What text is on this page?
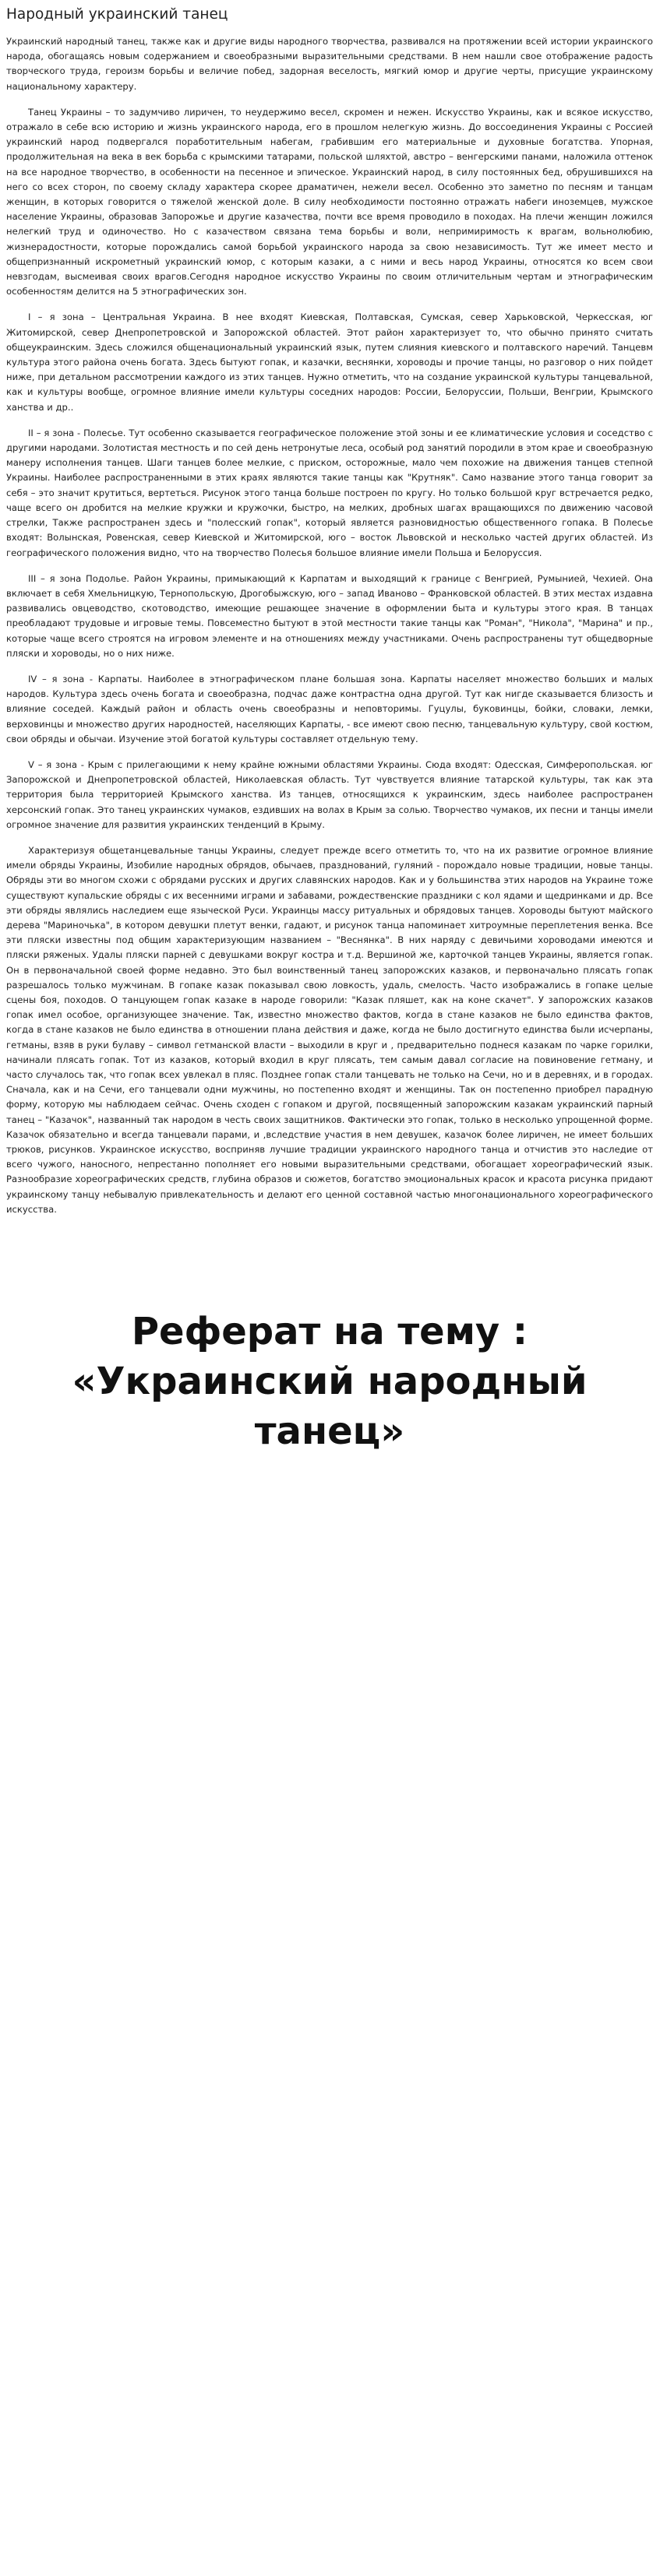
Народный украинский танец

Украинский народный танец, также как и другие виды народного творчества, развивался на протяжении всей истории украинского народа, обогащаясь новым содержанием и своеобразными выразительными средствами. В нем нашли свое отображение радость творческого труда, героизм борьбы и величие побед, задорная веселость, мягкий юмор и другие черты, присущие украинскому национальному характеру.

Танец Украины – то задумчиво лиричен, то неудержимо весел, скромен и нежен. Искусство Украины, как и всякое искусство, отражало в себе всю историю и жизнь украинского народа, его в прошлом нелегкую жизнь. До воссоединения Украины с Россией украинский народ подвергался поработительным набегам, грабившим его материальные и духовные богатства. Упорная, продолжительная на века в век борьба с крымскими татарами, польской шляхтой, австро – венгерскими панами, наложила оттенок на все народное творчество, в особенности на песенное и эпическое. Украинский народ, в силу постоянных бед, обрушившихся на него со всех сторон, по своему складу характера скорее драматичен, нежели весел. Особенно это заметно по песням и танцам женщин, в которых говорится о тяжелой женской доле. В силу необходимости постоянно отражать набеги иноземцев, мужское население Украины, образовав Запорожье и другие казачества, почти все время проводило в походах. На плечи женщин ложился нелегкий труд и одиночество. Но с казачеством связана тема борьбы и воли, непримиримость к врагам, вольнолюбию, жизнерадостности, которые порождались самой борьбой украинского народа за свою независимость. Тут же имеет место и общепризнанный искрометный украинский юмор, с которым казаки, а с ними и весь народ Украины, относятся ко всем свои невзгодам, высмеивая своих врагов.Сегодня народное искусство Украины по своим отличительным чертам и этнографическим особенностям делится на 5 этнографических зон.

I – я зона – Центральная Украина. В нее входят Киевская, Полтавская, Сумская, север Харьковской, Черкесская, юг Житомирской, север Днепропетровской и Запорожской областей. Этот район характеризует то, что обычно принято считать общеукраинским. Здесь сложился общенациональный украинский язык, путем слияния киевского и полтавского наречий. Танцевм культура этого района очень богата. Здесь бытуют гопак, и казачки, веснянки, хороводы и прочие танцы, но разговор о них пойдет ниже, при детальном рассмотрении каждого из этих танцев. Нужно отметить, что на создание украинской культуры танцевальной, как и культуры вообще, огромное влияние имели культуры соседних народов: России, Белоруссии, Польши, Венгрии, Крымского ханства и др..

II – я зона - Полесье. Тут особенно сказывается географическое положение этой зоны и ее климатические условия и соседство с другими народами. Золотистая местность и по сей день нетронутые леса, особый род занятий породили в этом крае и своеобразную манеру исполнения танцев. Шаги танцев более мелкие, с приском, осторожные, мало чем похожие на движения танцев степной Украины. Наиболее распространенными в этих краях являются такие танцы как "Крутняк". Само название этого танца говорит за себя – это значит крутиться, вертеться. Рисунок этого танца больше построен по кругу. Но только большой круг встречается редко, чаще всего он дробится на мелкие кружки и кружочки, быстро, на мелких, дробных шагах вращающихся по движению часовой стрелки, Также распространен здесь и "полесский гопак", который является разновидностью общественного гопака. В Полесье входят: Волынская, Ровенская, север Киевской и Житомирской, юго – восток Львовской и несколько частей других областей. Из географического положения видно, что на творчество Полесья большое влияние имели Польша и Белоруссия.

III – я зона Подолье. Район Украины, примыкающий к Карпатам и выходящий к границе с Венгрией, Румынией, Чехией. Она включает в себя Хмельницкую, Тернопольскую, Дрогобыжскую, юго – запад Ивановo – Франковской областей. В этих местах издавна развивались овцеводство, скотоводство, имеющие решающее значение в оформлении быта и культуры этого края. В танцах преобладают трудовые и игровые темы. Повсеместно бытуют в этой местности такие танцы как "Роман", "Никола", "Марина" и пр., которые чаще всего строятся на игровом элементе и на отношениях между участниками. Очень распространены тут общедворные пляски и хороводы, но о них ниже.

IV – я зона - Карпаты. Наиболее в этнографическом плане большая зона. Карпаты населяет множество больших и малых народов. Культура здесь очень богата и своеобразна, подчас даже контрастна одна другой. Тут как нигде сказывается близость и влияние соседей. Каждый район и область очень своеобразны и неповторимы. Гуцулы, буковинцы, бойки, словаки, лемки, верховинцы и множество других народностей, населяющих Карпаты, - все имеют свою песню, танцевальную культуру, свой костюм, свои обряды и обычаи. Изучение этой богатой культуры составляет отдельную тему.

V – я зона - Крым с прилегающими к нему крайне южными областями Украины. Сюда входят: Одесская, Симферопольская. юг Запорожской и Днепропетровской областей, Николаевская область. Тут чувствуется влияние татарской культуры, так как эта территория была территорией Крымского ханства. Из танцев, относящихся к украинским, здесь наиболее распространен херсонский гопак. Это танец украинских чумаков, ездивших на волах в Крым за солью. Творчество чумаков, их песни и танцы имели огромное значение для развития украинских тенденций в Крыму.

Характеризуя общетанцевальные танцы Украины, следует прежде всего отметить то, что на их развитие огромное влияние имели обряды Украины, Изобилие народных обрядов, обычаев, празднований, гуляний - порождало новые традиции, новые танцы. Обряды эти во многом схожи с обрядами русских и других славянских народов. Как и у большинства этих народов на Украине тоже существуют купальские обряды с их весенними играми и забавами, рождественские праздники с кол ядами и щедринками и др. Все эти обряды являлись наследием еще языческой Руси. Украинцы массу ритуальных и обрядовых танцев. Хороводы бытуют майского дерева "Мариночька", в котором девушки плетут венки, гадают, и рисунок танца напоминает хитроумные переплетения венка. Все эти пляски известны под общим характеризующим названием – "Веснянка". В них наряду с девичьими хороводами имеются и пляски ряженых. Удалы пляски парней с девушками вокруг костра и т.д. Вершиной же, карточкой танцев Украины, является гопак. Он в первоначальной своей форме недавно. Это был воинственный танец запорожских казаков, и первоначально плясать гопак разрешалось только мужчинам. В гопаке казак показывал свою ловкость, удаль, смелость. Часто изображались в гопаке целые сцены боя, походов. О танцующем гопак казаке в народе говорили: "Казак пляшет, как на коне скачет". У запорожских казаков гопак имел особое, организующее значение. Так, известно множество фактов, когда в стане казаков не было единства фактов, когда в стане казаков не было единства в отношении плана действия и даже, когда не было достигнуто единства были исчерпаны, гетманы, взяв в руки булаву – символ гетманской власти – выходили в круг и , предварительно поднеся казакам по чарке горилки, начинали плясать гопак. Тот из казаков, который входил в круг плясать, тем самым давал согласие на повиновение гетману, и часто случалось так, что гопак всех увлекал в пляс. Позднее гопак стали танцевать не только на Сечи, но и в деревнях, и в городах. Сначала, как и на Сечи, его танцевали одни мужчины, но постепенно входят и женщины. Так он постепенно приобрел парадную форму, которую мы наблюдаем сейчас. Очень сходен с гопаком и другой, посвященный запорожским казакам украинский парный танец – "Казачок", названный так народом в честь своих защитников. Фактически это гопак, только в несколько упрощенной форме. Казачок обязательно и всегда танцевали парами, и ,вследствие участия в нем девушек, казачок более лиричен, не имеет больших трюков, рисунков. Украинское искусство, восприняв лучшие традиции украинского народного танца и отчистив это наследие от всего чужого, наносного, непрестанно пополняет его новыми выразительными средствами, обогащает хореографический язык. Разнообразие хореографических средств, глубина образов и сюжетов, богатство эмоциональных красок и красота рисунка придают украинскому танцу небывалую привлекательность и делают его ценной составной частью многонационального хореографического искусства.

Реферат на тему :
«Украинский народный
танец»
